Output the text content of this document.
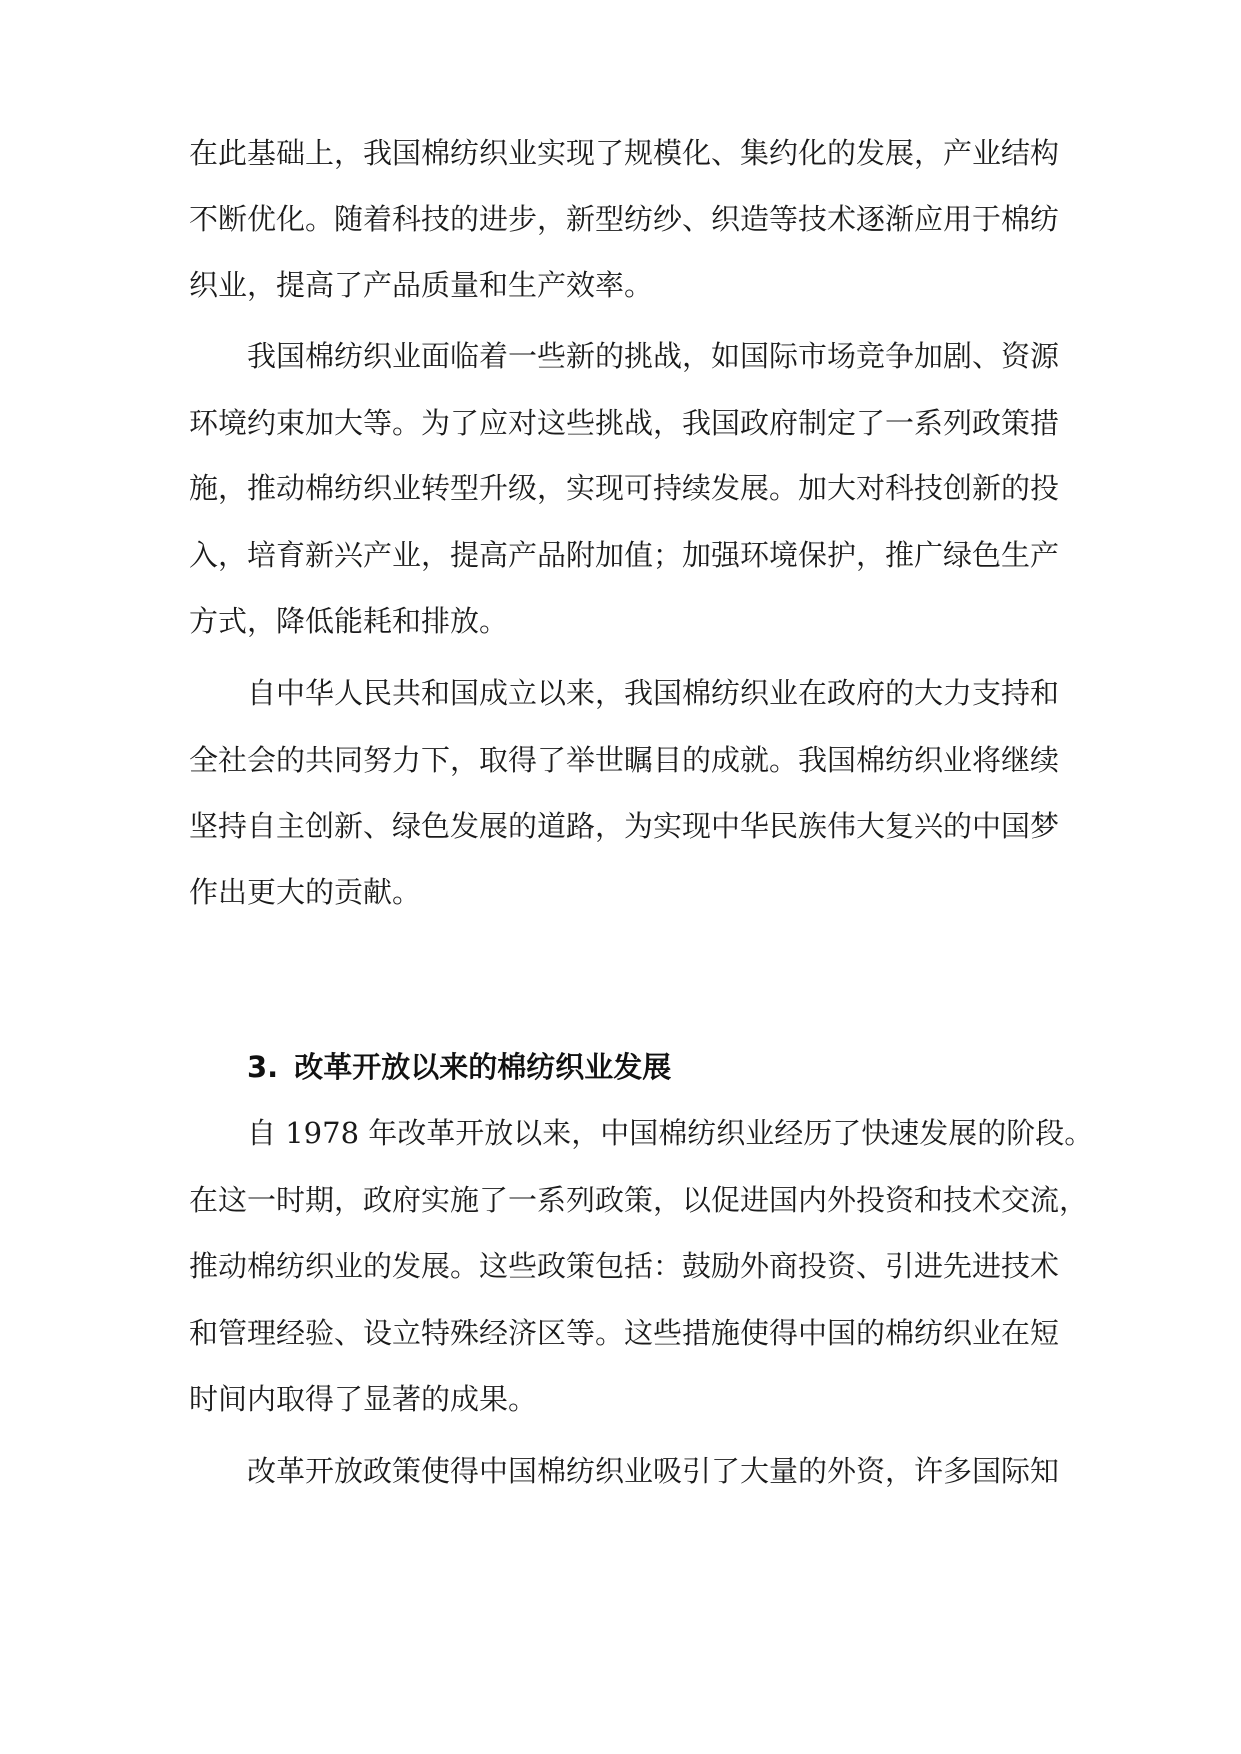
在此基础上，我国棉纺织业实现了规模化、集约化的发展，产业结构
不断优化。随着科技的进步，新型纺纱、织造等技术逐渐应用于棉纺
织业，提高了产品质量和生产效率。
我国棉纺织业面临着一些新的挑战，如国际市场竞争加剧、资源
环境约束加大等。为了应对这些挑战，我国政府制定了一系列政策措
施，推动棉纺织业转型升级，实现可持续发展。加大对科技创新的投
入，培育新兴产业，提高产品附加值；加强环境保护，推广绿色生产
方式，降低能耗和排放。
自中华人民共和国成立以来，我国棉纺织业在政府的大力支持和
全社会的共同努力下，取得了举世瞩目的成就。我国棉纺织业将继续
坚持自主创新、绿色发展的道路，为实现中华民族伟大复兴的中国梦
作出更大的贡献。
3. 改革开放以来的棉纺织业发展
自 1978 年改革开放以来，中国棉纺织业经历了快速发展的阶段。
在这一时期，政府实施了一系列政策，以促进国内外投资和技术交流，
推动棉纺织业的发展。这些政策包括：鼓励外商投资、引进先进技术
和管理经验、设立特殊经济区等。这些措施使得中国的棉纺织业在短
时间内取得了显著的成果。
改革开放政策使得中国棉纺织业吸引了大量的外资，许多国际知
